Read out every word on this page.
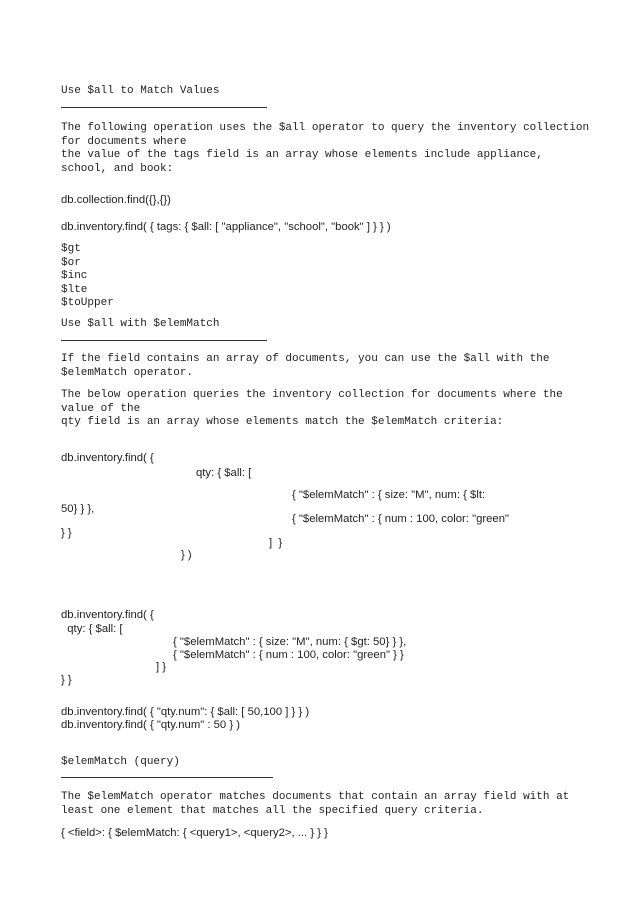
Use $all to Match Values

The following operation uses the $all operator to query the inventory collection

for documents where

the value of the tags field is an array whose elements include appliance,

school, and book:

db.collection.find({},{})

db.inventory.find( { tags: { $all: [ "appliance", "school", "book" ] } } )

$gt

$or

$inc

$lte

$toUpper

Use $all with $elemMatch

If the field contains an array of documents, you can use the $all with the

$elemMatch operator.

The below operation queries the inventory collection for documents where the

value of the

qty field is an array whose elements match the $elemMatch criteria:

db.inventory.find( {

qty: { $all: [

{ "$elemMatch" : { size: "M", num: { $lt:

50} } },

{ "$elemMatch" : { num : 100, color: "green"

} }

]  }

} )

db.inventory.find( {

qty: { $all: [

{ "$elemMatch" : { size: "M", num: { $gt: 50} } },

{ "$elemMatch" : { num : 100, color: "green" } }

] }

} }

db.inventory.find( { "qty.num": { $all: [ 50,100 ] } } )

db.inventory.find( { "qty.num" : 50 } )

$elemMatch (query)

The $elemMatch operator matches documents that contain an array field with at

least one element that matches all the specified query criteria.

{ <field>: { $elemMatch: { <query1>, <query2>, ... } } }
